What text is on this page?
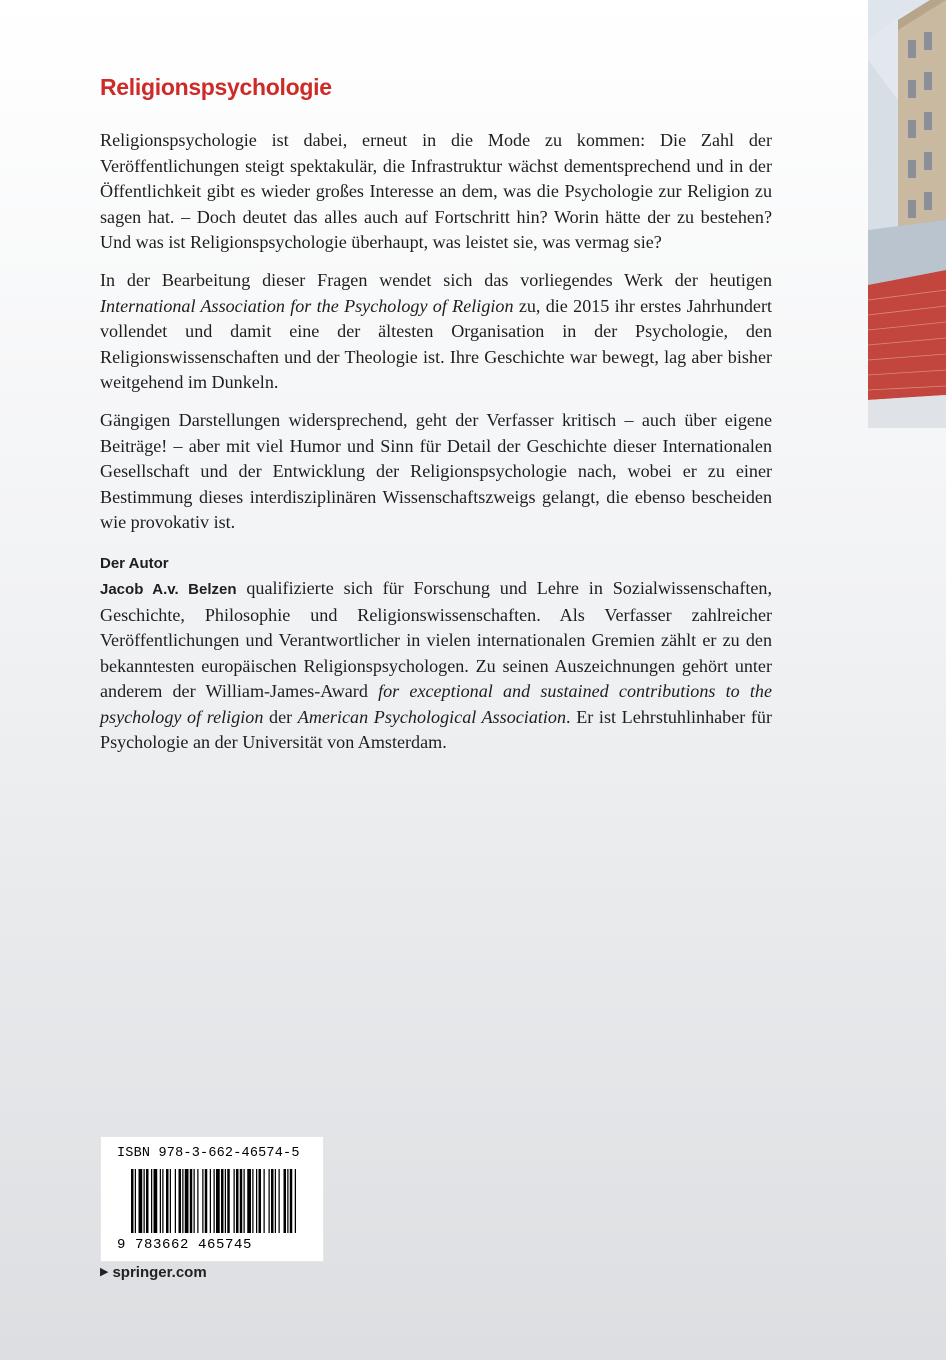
Religionspsychologie

Religionspsychologie ist dabei, erneut in die Mode zu kommen: Die Zahl der Veröffentlichungen steigt spektakulär, die Infrastruktur wächst dementsprechend und in der Öffentlichkeit gibt es wieder großes Interesse an dem, was die Psychologie zur Religion zu sagen hat. – Doch deutet das alles auch auf Fortschritt hin? Worin hätte der zu bestehen? Und was ist Religionspsychologie überhaupt, was leistet sie, was vermag sie?

In der Bearbeitung dieser Fragen wendet sich das vorliegendes Werk der heutigen International Association for the Psychology of Religion zu, die 2015 ihr erstes Jahrhundert vollendet und damit eine der ältesten Organisation in der Psychologie, den Religionswissenschaften und der Theologie ist. Ihre Geschichte war bewegt, lag aber bisher weitgehend im Dunkeln.

Gängigen Darstellungen widersprechend, geht der Verfasser kritisch – auch über eigene Beiträge! – aber mit viel Humor und Sinn für Detail der Geschichte dieser Internationalen Gesellschaft und der Entwicklung der Religionspsychologie nach, wobei er zu einer Bestimmung dieses interdisziplinären Wissenschaftszweigs gelangt, die ebenso bescheiden wie provokativ ist.

Der Autor

Jacob A.v. Belzen qualifizierte sich für Forschung und Lehre in Sozialwissenschaften, Geschichte, Philosophie und Religionswissenschaften. Als Verfasser zahlreicher Veröffentlichungen und Verantwortlicher in vielen internationalen Gremien zählt er zu den bekanntesten europäischen Religionspsychologen. Zu seinen Auszeichnungen gehört unter anderem der William-James-Award for exceptional and sustained contributions to the psychology of religion der American Psychological Association. Er ist Lehrstuhlinhaber für Psychologie an der Universität von Amsterdam.

ISBN 978-3-662-46574-5
9 783662 465745
▶ springer.com
